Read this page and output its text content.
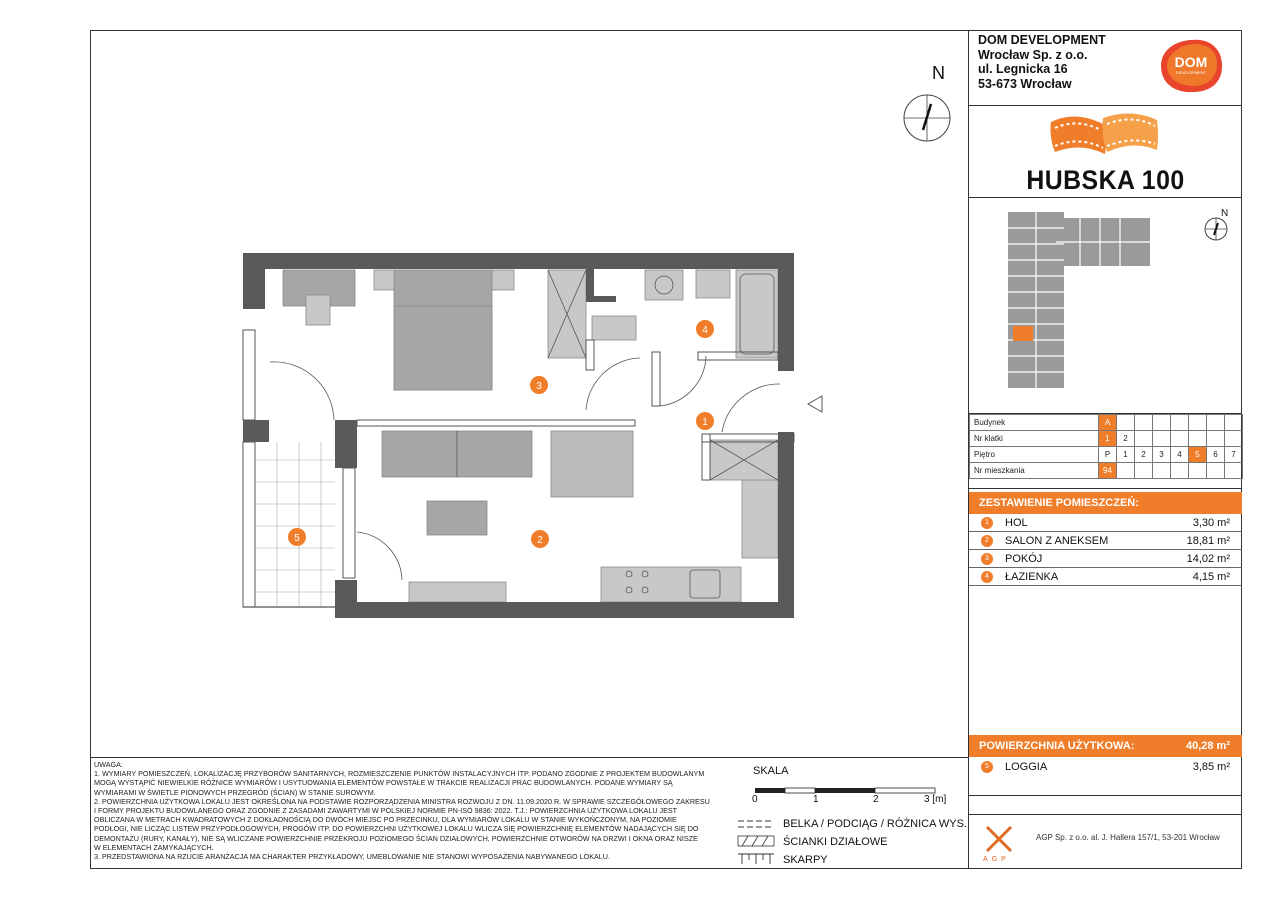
DOM DEVELOPMENT
Wrocław Sp. z o.o.
ul. Legnicka 16
53-673 Wrocław
DOM
DEVELOPMENT
HUBSKA 100
N
Budynek	A							
Nr klatki	1	2						
Piętro	P	1	2	3	4	5	6	7
Nr mieszkania	94							
ZESTAWIENIE POMIESZCZEŃ:
1	HOL	3,30 m²
2	SALON Z ANEKSEM	18,81 m²
3	POKÓJ	14,02 m²
4	ŁAZIENKA	4,15 m²
POWIERZCHNIA UŻYTKOWA:	40,28 m²
5	LOGGIA	3,85 m²
N
1
2
3
4
5
UWAGA:
1. WYMIARY POMIESZCZEŃ, LOKALIZACJĘ PRZYBORÓW SANITARNYCH, ROZMIESZCZENIE PUNKTÓW INSTALACYJNYCH ITP. PODANO ZGODNIE Z PROJEKTEM BUDOWLANYM
MOGĄ WYSTĄPIĆ NIEWIELKIE RÓŻNICE WYMIARÓW I USYTUOWANIA ELEMENTÓW POWSTAŁE W TRAKCIE REALIZACJI PRAC BUDOWLANYCH. PODANE WYMIARY SĄ
WYMIARAMI W ŚWIETLE PIONOWYCH PRZEGRÓD (ŚCIAN) W STANIE SUROWYM.
2. POWIERZCHNIA UŻYTKOWA LOKALU JEST OKREŚLONA NA PODSTAWIE ROZPORZĄDZENIA MINISTRA ROZWOJU Z DN. 11.09.2020 R. W SPRAWIE SZCZEGÓŁOWEGO ZAKRESU
I FORMY PROJEKTU BUDOWLANEGO ORAZ ZGODNIE Z ZASADAMI ZAWARTYMI W POLSKIEJ NORMIE PN-ISO 9836: 2022. T.J.: POWIERZCHNIA UŻYTKOWA LOKALU JEST
OBLICZANA W METRACH KWADRATOWYCH Z DOKŁADNOŚCIĄ DO DWÓCH MIEJSC PO PRZECINKU, DLA WYMIARÓW LOKALU W STANIE WYKOŃCZONYM, NA POZIOMIE
PODŁOGI, NIE LICZĄC LISTEW PRZYPODŁOGOWYCH, PROGÓW ITP. DO POWIERZCHNI UŻYTKOWEJ LOKALU WLICZA SIĘ POWIERZCHNIĘ ELEMENTÓW NADAJĄCYCH SIĘ DO
DEMONTAŻU (RURY, KANAŁY), NIE SĄ WLICZANE POWIERZCHNIE PRZEKROJU POZIOMEGO ŚCIAN DZIAŁOWYCH, POWIERZCHNIE OTWORÓW NA DRZWI I OKNA ORAZ NISZE
W ELEMENTACH ZAMYKAJĄCYCH.
3. PRZEDSTAWIONA NA RZUCIE ARANŻACJA MA CHARAKTER PRZYKŁADOWY, UMEBLOWANIE NIE STANOWI WYPOSAŻENIA NABYWANEGO LOKALU.
SKALA
0	1	2	3 [m]
BELKA / PODCIĄG / RÓŻNICA WYS.
ŚCIANKI DZIAŁOWE
SKARPY	AGP
AGP Sp. z o.o. al. J. Hallera 157/1, 53-201 Wrocław
